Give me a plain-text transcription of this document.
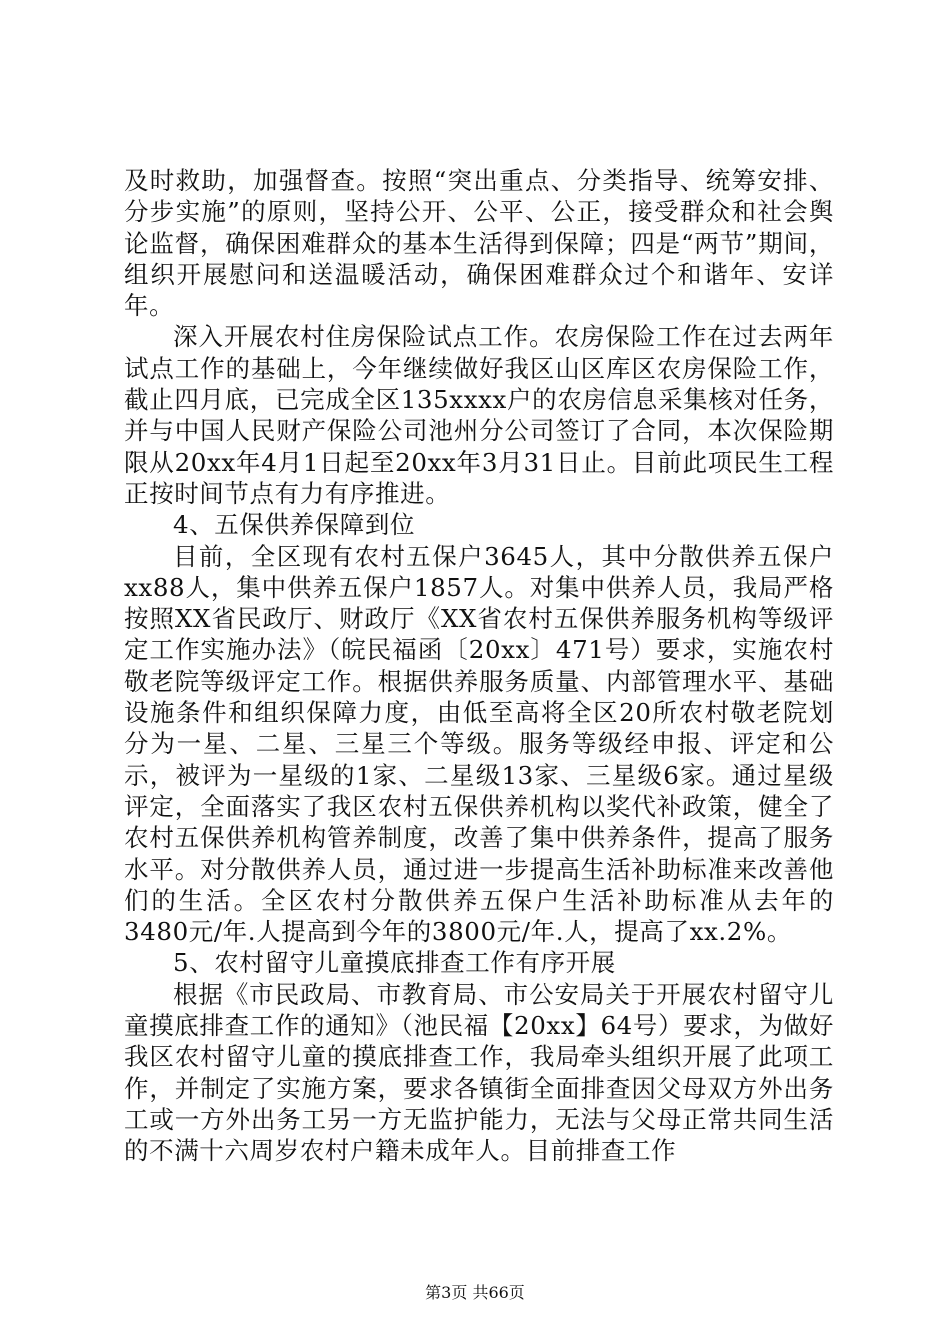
及时救助，加强督查。按照“突出重点、分类指导、统筹安排、分步实施”的原则，坚持公开、公平、公正，接受群众和社会舆论监督，确保困难群众的基本生活得到保障；四是“两节”期间，组织开展慰问和送温暖活动，确保困难群众过个和谐年、安详年。

深入开展农村住房保险试点工作。农房保险工作在过去两年试点工作的基础上，今年继续做好我区山区库区农房保险工作，截止四月底，已完成全区135xxxx户的农房信息采集核对任务，并与中国人民财产保险公司池州分公司签订了合同，本次保险期限从20xx年4月1日起至20xx年3月31日止。目前此项民生工程正按时间节点有力有序推进。

4、五保供养保障到位

目前，全区现有农村五保户3645人，其中分散供养五保户xx88人，集中供养五保户1857人。对集中供养人员，我局严格按照XX省民政厅、财政厅《XX省农村五保供养服务机构等级评定工作实施办法》（皖民福函〔20xx〕471号）要求，实施农村敬老院等级评定工作。根据供养服务质量、内部管理水平、基础设施条件和组织保障力度，由低至高将全区20所农村敬老院划分为一星、二星、三星三个等级。服务等级经申报、评定和公示，被评为一星级的1家、二星级13家、三星级6家。通过星级评定，全面落实了我区农村五保供养机构以奖代补政策，健全了农村五保供养机构管养制度，改善了集中供养条件，提高了服务水平。对分散供养人员，通过进一步提高生活补助标准来改善他们的生活。全区农村分散供养五保户生活补助标准从去年的3480元/年.人提高到今年的3800元/年.人，提高了xx.2%。

5、农村留守儿童摸底排查工作有序开展

根据《市民政局、市教育局、市公安局关于开展农村留守儿童摸底排查工作的通知》（池民福【20xx】64号）要求，为做好我区农村留守儿童的摸底排查工作，我局牵头组织开展了此项工作，并制定了实施方案，要求各镇街全面排查因父母双方外出务工或一方外出务工另一方无监护能力，无法与父母正常共同生活的不满十六周岁农村户籍未成年人。目前排查工作

第3页 共66页
